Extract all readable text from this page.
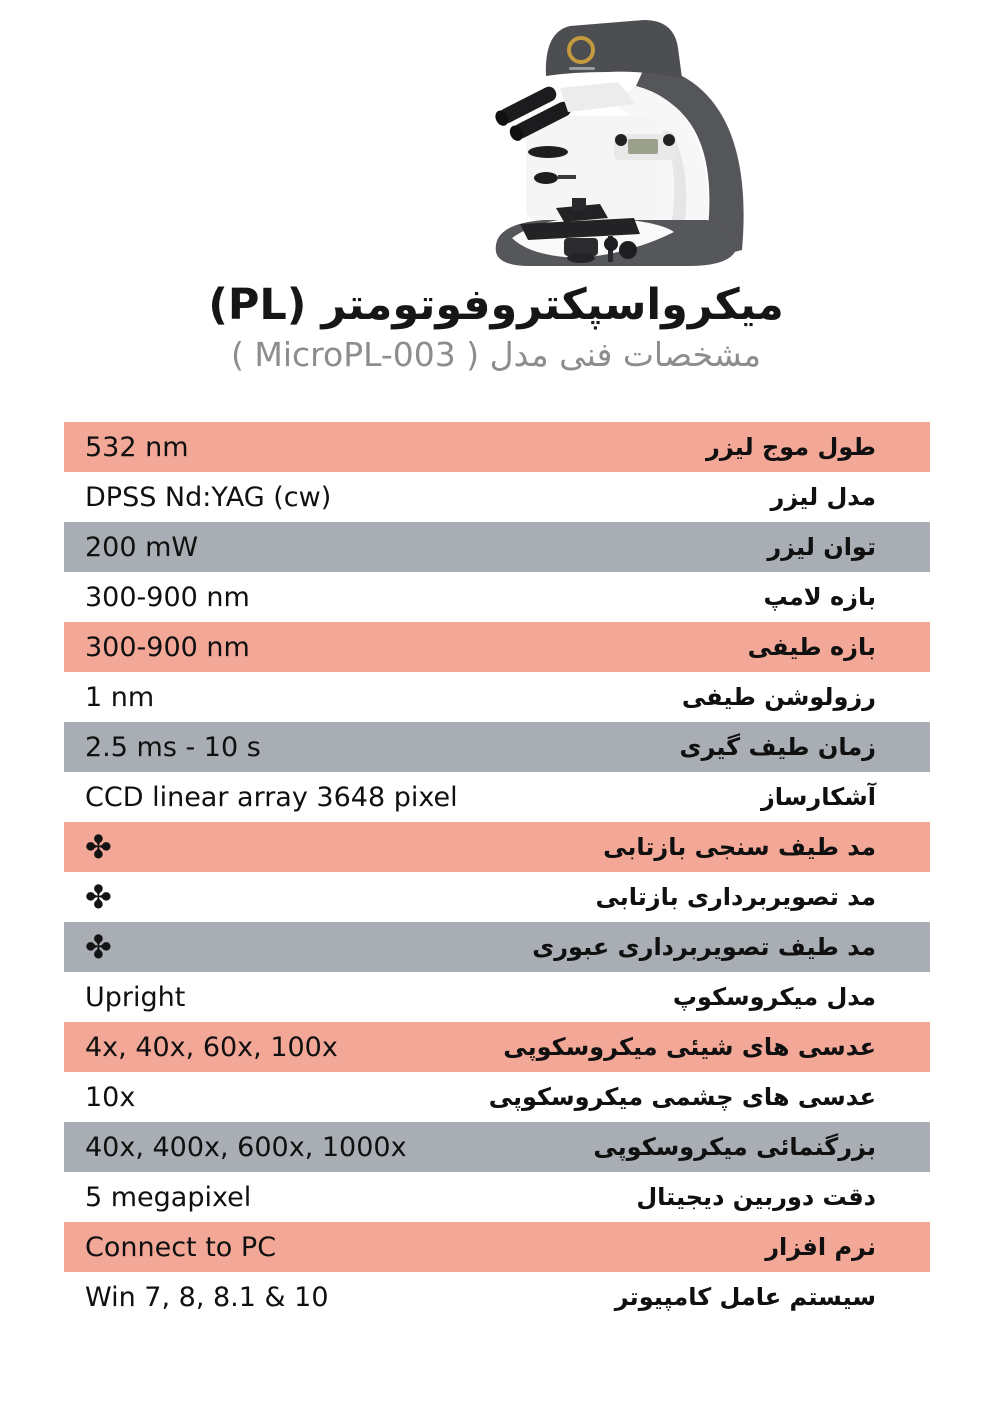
میکرواسپکتروفوتومتر (PL)
مشخصات فنی مدل ( MicroPL-003 )
532 nm	طول موج لیزر
DPSS Nd:YAG (cw)	مدل لیزر
200 mW	توان لیزر
300-900 nm	بازه لامپ
300-900 nm	بازه طیفی
1 nm	رزولوشن طیفی
2.5 ms - 10 s	زمان طیف گیری
CCD linear array 3648 pixel	آشکارساز
✤	مد طیف سنجی بازتابی
✤	مد تصویربرداری بازتابی
✤	مد طیف تصویربرداری عبوری
Upright	مدل میکروسکوپ
4x, 40x, 60x, 100x	عدسی های شیئی میکروسکوپی
10x	عدسی های چشمی میکروسکوپی
40x, 400x, 600x, 1000x	بزرگنمائی میکروسکوپی
5 megapixel	دقت دوربین دیجیتال
Connect to PC	نرم افزار
Win 7, 8, 8.1 & 10	سیستم عامل کامپیوتر
